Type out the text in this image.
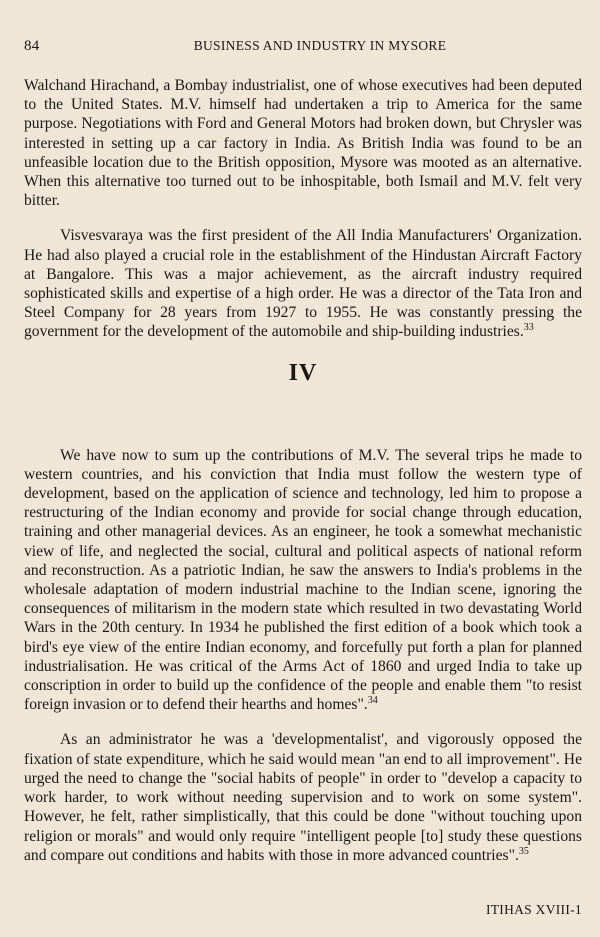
84	BUSINESS AND INDUSTRY IN MYSORE

Walchand Hirachand, a Bombay industrialist, one of whose executives had been deputed to the United States. M.V. himself had undertaken a trip to America for the same purpose. Negotiations with Ford and General Motors had broken down, but Chrysler was interested in setting up a car factory in India. As British India was found to be an unfeasible location due to the British opposition, Mysore was mooted as an alternative. When this alternative too turned out to be inhospitable, both Ismail and M.V. felt very bitter.

Visvesvaraya was the first president of the All India Manufacturers' Organization. He had also played a crucial role in the establishment of the Hindustan Aircraft Factory at Bangalore. This was a major achievement, as the aircraft industry required sophisticated skills and expertise of a high order. He was a director of the Tata Iron and Steel Company for 28 years from 1927 to 1955. He was constantly pressing the government for the development of the automobile and ship-building industries.$^{33}$

IV

We have now to sum up the contributions of M.V. The several trips he made to western countries, and his conviction that India must follow the western type of development, based on the application of science and technology, led him to propose a restructuring of the Indian economy and provide for social change through education, training and other managerial devices. As an engineer, he took a somewhat mechanistic view of life, and neglected the social, cultural and political aspects of national reform and reconstruction. As a patriotic Indian, he saw the answers to India's problems in the wholesale adaptation of modern industrial machine to the Indian scene, ignoring the consequences of militarism in the modern state which resulted in two devastating World Wars in the 20th century. In 1934 he published the first edition of a book which took a bird's eye view of the entire Indian economy, and forcefully put forth a plan for planned industrialisation. He was critical of the Arms Act of 1860 and urged India to take up conscription in order to build up the confidence of the people and enable them "to resist foreign invasion or to defend their hearths and homes".$^{34}$

As an administrator he was a 'developmentalist', and vigorously opposed the fixation of state expenditure, which he said would mean "an end to all improvement". He urged the need to change the "social habits of people" in order to "develop a capacity to work harder, to work without needing supervision and to work on some system". However, he felt, rather simplistically, that this could be done "without touching upon religion or morals" and would only require "intelligent people [to] study these questions and compare out conditions and habits with those in more advanced countries".$^{35}$

ITIHAS XVIII-1
